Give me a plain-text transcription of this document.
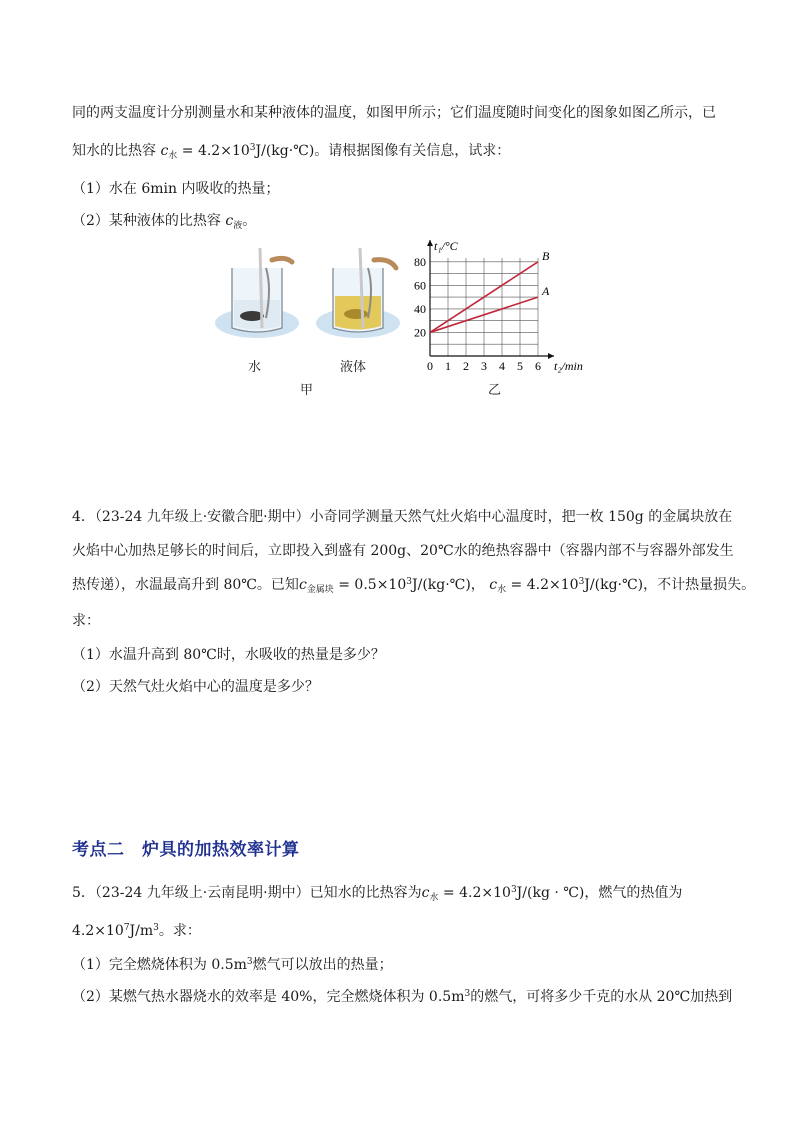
同的两支温度计分别测量水和某种液体的温度，如图甲所示；它们温度随时间变化的图象如图乙所示，已
知水的比热容 $c_水$ = $4.2\times 10^3J/(kg\cdot℃)$。请根据图像有关信息，试求：
（1）水在 6min 内吸收的热量；
（2）某种液体的比热容 $c_液$。
水	液体
甲	乙
0 1 2 3 4 5 6
20
40
60
80
t₁/°C
t₂/min
B
A
4．（23-24 九年级上·安徽合肥·期中）小奇同学测量天然气灶火焰中心温度时，把一枚 150g 的金属块放在
火焰中心加热足够长的时间后，立即投入到盛有 200g、20℃水的绝热容器中（容器内部不与容器外部发生
热传递），水温最高升到 80℃。已知$c_{金属块}$ = $0.5\times 10^3J/(kg\cdot℃)$， $c_水$ = $4.2\times 10^3J/(kg\cdot℃)$，不计热量损失。
求：
（1）水温升高到 80℃时，水吸收的热量是多少？
（2）天然气灶火焰中心的温度是多少？
考点二　炉具的加热效率计算
5．（23-24 九年级上·云南昆明·期中）已知水的比热容为$c_水 = 4.2\times 10^3J/(kg$ · ℃)，燃气的热值为
$4.2\times 10^7J/m^3$。求：
（1）完全燃烧体积为 $0.5m^3$燃气可以放出的热量；
（2）某燃气热水器烧水的效率是 40%，完全燃烧体积为 $0.5m^3$的燃气，可将多少千克的水从 20℃加热到
